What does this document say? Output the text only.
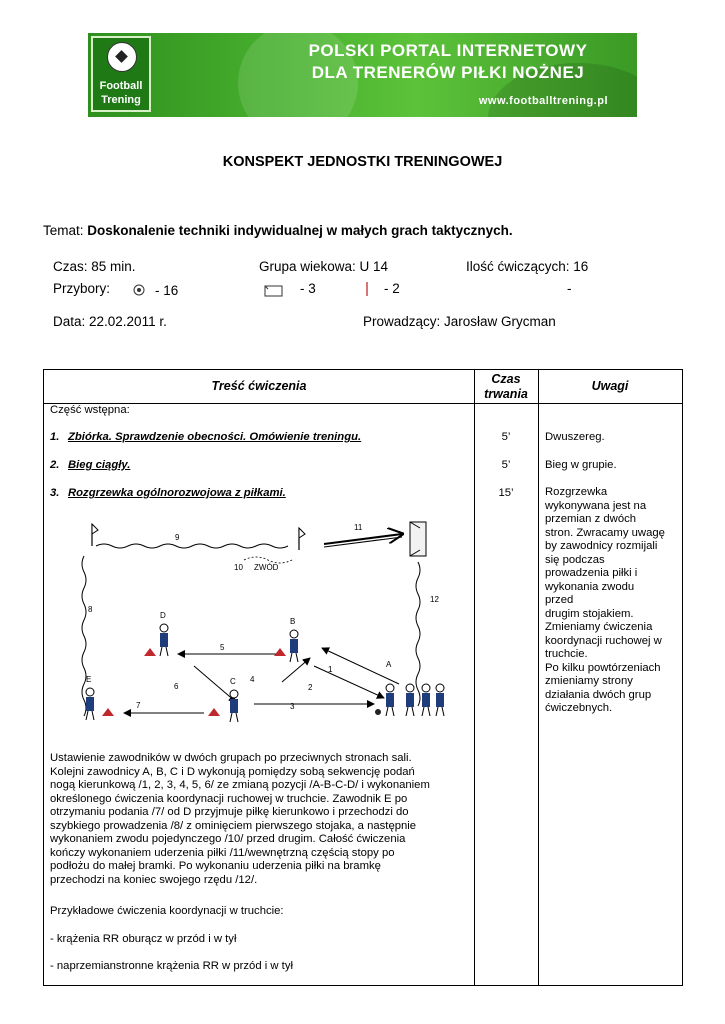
Football
Trening
POLSKI PORTAL INTERNETOWY
DLA TRENERÓW PIŁKI NOŻNEJ
www.footballtrening.pl
KONSPEKT JEDNOSTKI TRENINGOWEJ
Temat: Doskonalenie techniki indywidualnej w małych grach taktycznych.
Czas: 85 min.	Grupa wiekowa: U 14	Ilość ćwiczących: 16
Przybory:	- 16	- 3	- 2	-
Data: 22.02.2011 r.	Prowadzący: Jarosław Grycman
Treść ćwiczenia	Czas
trwania
Uwagi
Część wstępna:
1. Zbiórka. Sprawdzenie obecności. Omówienie treningu.	5’	Dwuszereg.
2. Bieg ciągły.	5’	Bieg w grupie.
3. Rozgrzewka ogólnorozwojowa z piłkami.	15’	Rozgrzewka
wykonywana jest na
przemian z dwóch
stron. Zwracamy uwagę
by zawodnicy rozmijali
się podczas
prowadzenia piłki i
wykonania zwodu przed
drugim stojakiem.
Zmieniamy ćwiczenia
koordynacji ruchowej w
truchcie.
Po kilku powtórzeniach
zmieniamy strony
działania dwóch grup
ćwiczebnych.
D
B
C
E
A
1
2
3
4
5
6
7
8
9
10
11
12
ZWÓD
Ustawienie zawodników w dwóch grupach po przeciwnych stronach sali.
Kolejni zawodnicy A, B, C i D wykonują pomiędzy sobą sekwencję podań
nogą kierunkową /1, 2, 3, 4, 5, 6/ ze zmianą pozycji /A-B-C-D/ i wykonaniem
określonego ćwiczenia koordynacji ruchowej w truchcie. Zawodnik E po
otrzymaniu podania /7/ od D przyjmuje piłkę kierunkowo i przechodzi do
szybkiego prowadzenia /8/ z ominięciem pierwszego stojaka, a następnie
wykonaniem zwodu pojedynczego /10/ przed drugim. Całość ćwiczenia
kończy wykonaniem uderzenia piłki /11/wewnętrzną częścią stopy po
podłożu do małej bramki. Po wykonaniu uderzenia piłki na bramkę
przechodzi na koniec swojego rzędu /12/.
Przykładowe ćwiczenia koordynacji w truchcie:
- krążenia RR oburącz w przód i w tył
- naprzemianstronne krążenia RR w przód i w tył
